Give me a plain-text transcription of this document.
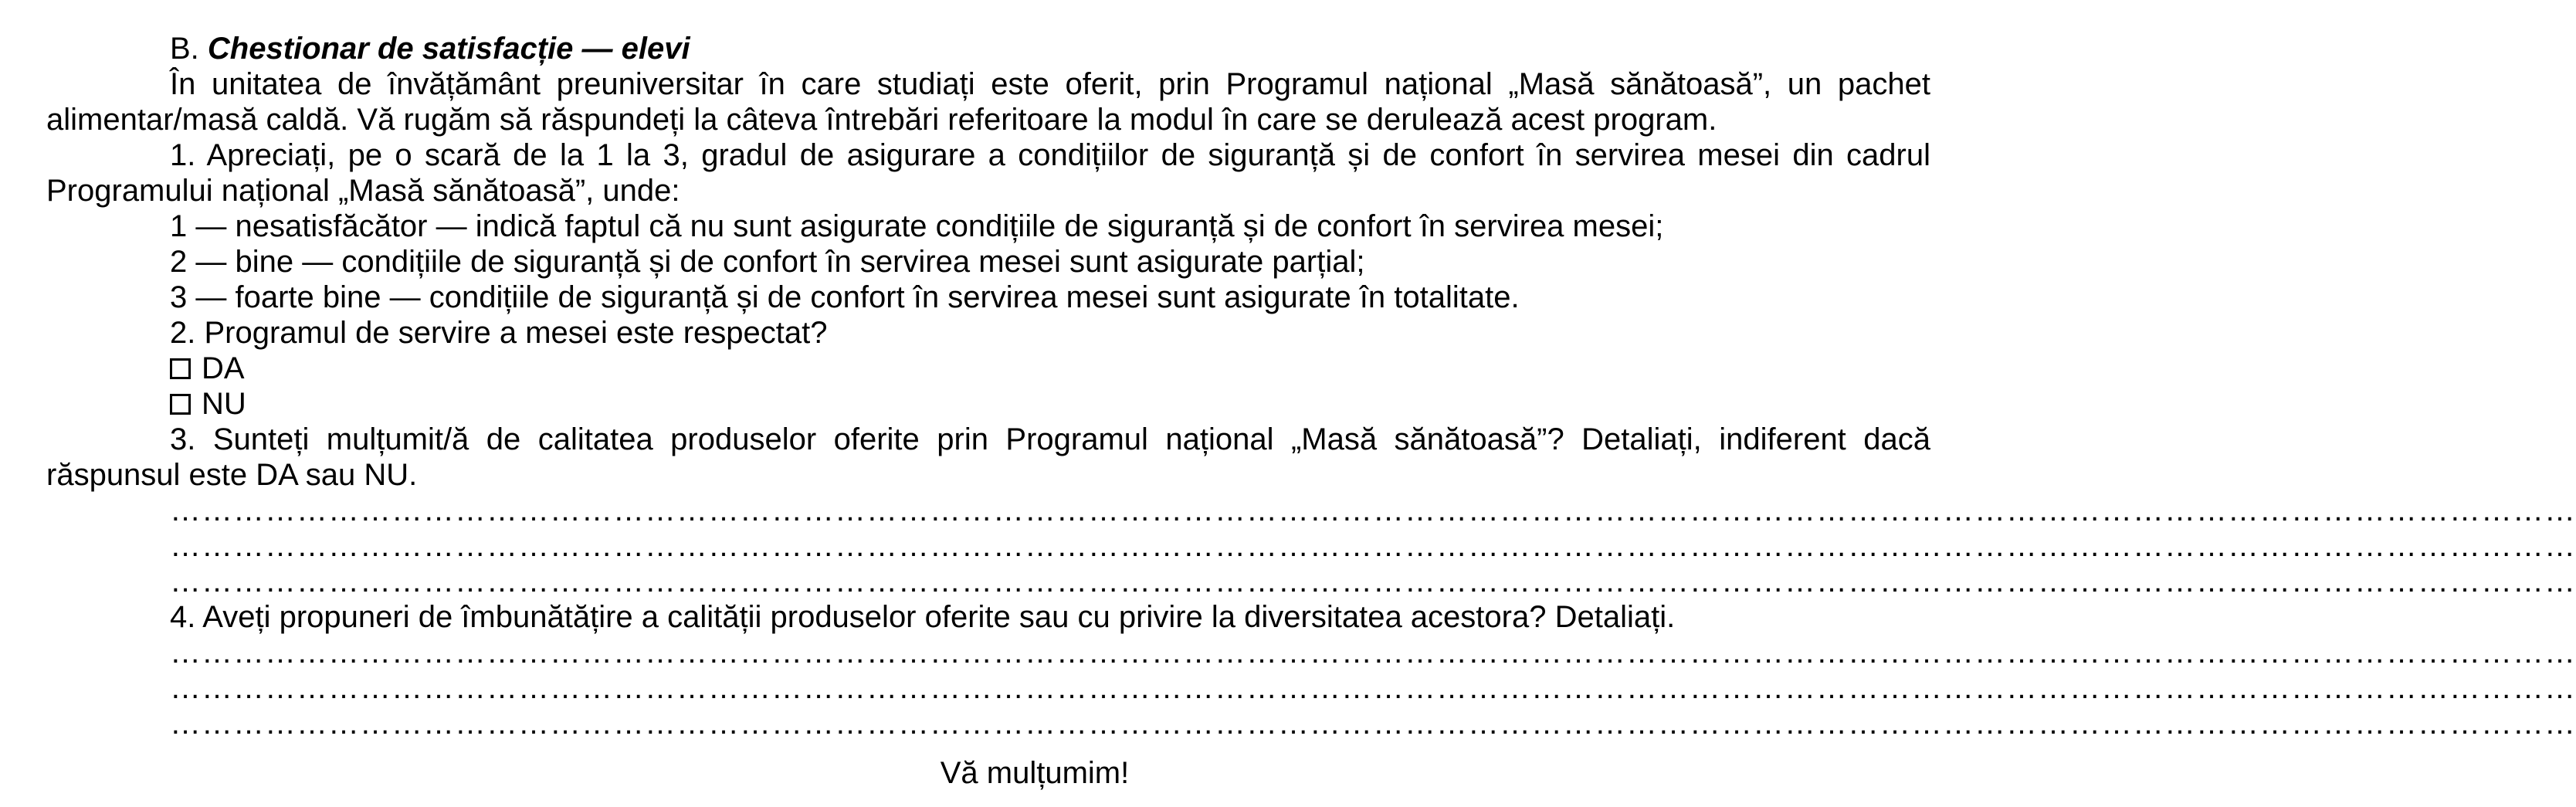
B. Chestionar de satisfacție — elevi
În unitatea de învățământ preuniversitar în care studiați este oferit, prin Programul național „Masă sănătoasă”, un pachet alimentar/masă caldă. Vă rugăm să răspundeți la câteva întrebări referitoare la modul în care se derulează acest program.
1. Apreciați, pe o scară de la 1 la 3, gradul de asigurare a condițiilor de siguranță și de confort în servirea mesei din cadrul Programului național „Masă sănătoasă”, unde:
1 — nesatisfăcător — indică faptul că nu sunt asigurate condițiile de siguranță și de confort în servirea mesei;
2 — bine — condițiile de siguranță și de confort în servirea mesei sunt asigurate parțial;
3 — foarte bine — condițiile de siguranță și de confort în servirea mesei sunt asigurate în totalitate.
2. Programul de servire a mesei este respectat?
DA
NU
3. Sunteți mulțumit/ă de calitatea produselor oferite prin Programul național „Masă sănătoasă”? Detaliați, indiferent dacă răspunsul este DA sau NU.
…………………………………………………………………………………………………………………………………………………………………………………………………………
…………………………………………………………………………………………………………………………………………………………………………………………………………
…………………………………………………………………………………………………………………………………………………………………………………………………………
4. Aveți propuneri de îmbunătățire a calității produselor oferite sau cu privire la diversitatea acestora? Detaliați.
…………………………………………………………………………………………………………………………………………………………………………………………………………
…………………………………………………………………………………………………………………………………………………………………………………………………………
…………………………………………………………………………………………………………………………………………………………………………………………………………
Vă mulțumim!
